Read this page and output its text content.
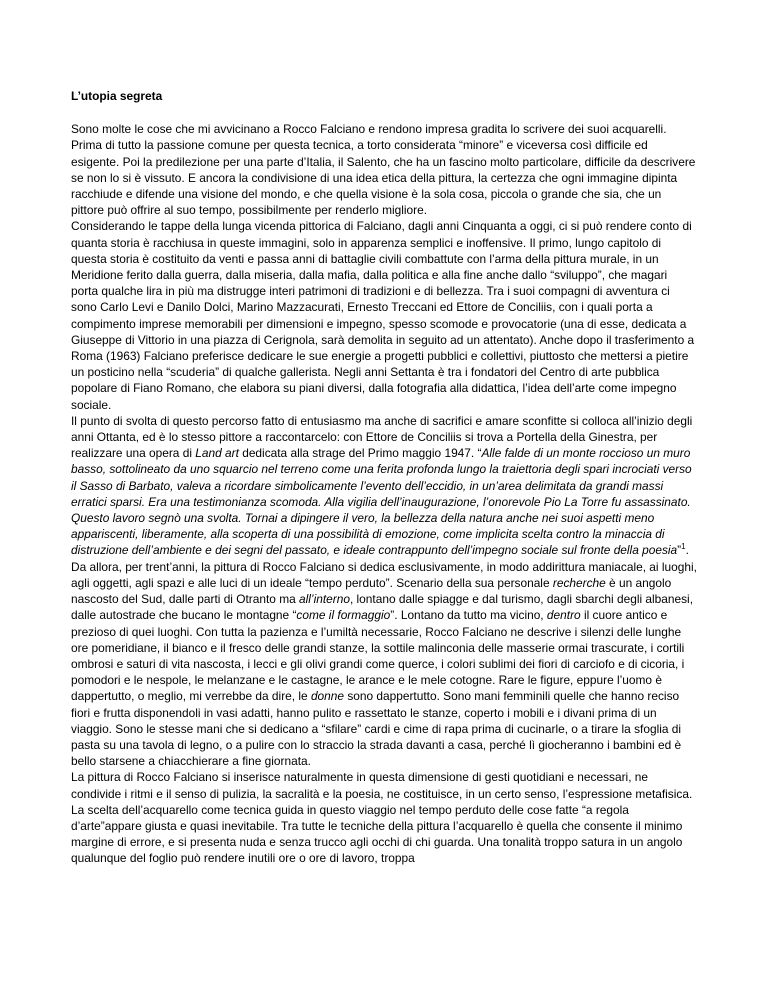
L’utopia segreta
Sono molte le cose che mi avvicinano a Rocco Falciano e rendono impresa gradita lo scrivere dei suoi acquarelli. Prima di tutto la passione comune per questa tecnica, a torto considerata “minore” e viceversa così difficile ed esigente. Poi la predilezione per una parte d’Italia, il Salento, che ha un fascino molto particolare, difficile da descrivere se non lo si è vissuto. E ancora la condivisione di una idea etica della pittura, la certezza che ogni immagine dipinta racchiude e difende una visione del mondo, e che quella visione è la sola cosa, piccola o grande che sia, che un pittore può offrire al suo tempo, possibilmente per renderlo migliore.
Considerando le tappe della lunga vicenda pittorica di Falciano, dagli anni Cinquanta a oggi, ci si può rendere conto di quanta storia è racchiusa in queste immagini, solo in apparenza semplici e inoffensive. Il primo, lungo capitolo di questa storia è costituito da venti e passa anni di battaglie civili combattute con l’arma della pittura murale, in un Meridione ferito dalla guerra, dalla miseria, dalla mafia, dalla politica e alla fine anche dallo “sviluppo”, che magari porta qualche lira in più ma distrugge interi patrimoni di tradizioni e di bellezza. Tra i suoi compagni di avventura ci sono Carlo Levi e Danilo Dolci, Marino Mazzacurati, Ernesto Treccani ed Ettore de Conciliis, con i quali porta a compimento imprese memorabili per dimensioni e impegno, spesso scomode e provocatorie (una di esse, dedicata a Giuseppe di Vittorio in una piazza di Cerignola, sarà demolita in seguito ad un attentato). Anche dopo il trasferimento a Roma (1963) Falciano preferisce dedicare le sue energie a progetti pubblici e collettivi, piuttosto che mettersi a pietire un posticino nella “scuderia” di qualche gallerista. Negli anni Settanta è tra i fondatori del Centro di arte pubblica popolare di Fiano Romano, che elabora su piani diversi, dalla fotografia alla didattica, l’idea dell’arte come impegno sociale.
Il punto di svolta di questo percorso fatto di entusiasmo ma anche di sacrifici e amare sconfitte si colloca all’inizio degli anni Ottanta, ed è lo stesso pittore a raccontarcelo: con Ettore de Conciliis si trova a Portella della Ginestra, per realizzare una opera di Land art dedicata alla strage del Primo maggio 1947. “Alle falde di un monte roccioso un muro basso, sottolineato da uno squarcio nel terreno come una ferita profonda lungo la traiettoria degli spari incrociati verso il Sasso di Barbato, valeva a ricordare simbolicamente l’evento dell’eccidio, in un’area delimitata da grandi massi erratici sparsi. Era una testimonianza scomoda. Alla vigilia dell’inaugurazione, l’onorevole Pio La Torre fu assassinato. Questo lavoro segnò una svolta. Tornai a dipingere il vero, la bellezza della natura anche nei suoi aspetti meno appariscenti, liberamente, alla scoperta di una possibilità di emozione, come implicita scelta contro la minaccia di distruzione dell’ambiente e dei segni del passato, e ideale contrappunto dell’impegno sociale sul fronte della poesia”$^1$.
Da allora, per trent’anni, la pittura di Rocco Falciano si dedica esclusivamente, in modo addirittura maniacale, ai luoghi, agli oggetti, agli spazi e alle luci di un ideale “tempo perduto”. Scenario della sua personale recherche è un angolo nascosto del Sud, dalle parti di Otranto ma all’interno, lontano dalle spiagge e dal turismo, dagli sbarchi degli albanesi, dalle autostrade che bucano le montagne “come il formaggio”. Lontano da tutto ma vicino, dentro il cuore antico e prezioso di quei luoghi. Con tutta la pazienza e l’umiltà necessarie, Rocco Falciano ne descrive i silenzi delle lunghe ore pomeridiane, il bianco e il fresco delle grandi stanze, la sottile malinconia delle masserie ormai trascurate, i cortili ombrosi e saturi di vita nascosta, i lecci e gli olivi grandi come querce, i colori sublimi dei fiori di carciofo e di cicoria, i pomodori e le nespole, le melanzane e le castagne, le arance e le mele cotogne. Rare le figure, eppure l’uomo è dappertutto, o meglio, mi verrebbe da dire, le donne sono dappertutto. Sono mani femminili quelle che hanno reciso fiori e frutta disponendoli in vasi adatti, hanno pulito e rassettato le stanze, coperto i mobili e i divani prima di un viaggio. Sono le stesse mani che si dedicano a “sfilare” cardi e cime di rapa prima di cucinarle, o a tirare la sfoglia di pasta su una tavola di legno, o a pulire con lo straccio la strada davanti a casa, perché lì giocheranno i bambini ed è bello starsene a chiacchierare a fine giornata.
La pittura di Rocco Falciano si inserisce naturalmente in questa dimensione di gesti quotidiani e necessari, ne condivide i ritmi e il senso di pulizia, la sacralità e la poesia, ne costituisce, in un certo senso, l’espressione metafisica.
La scelta dell’acquarello come tecnica guida in questo viaggio nel tempo perduto delle cose fatte “a regola d’arte”appare giusta e quasi inevitabile. Tra tutte le tecniche della pittura l’acquarello è quella che consente il minimo margine di errore, e si presenta nuda e senza trucco agli occhi di chi guarda. Una tonalità troppo satura in un angolo qualunque del foglio può rendere inutili ore o ore di lavoro, troppa
